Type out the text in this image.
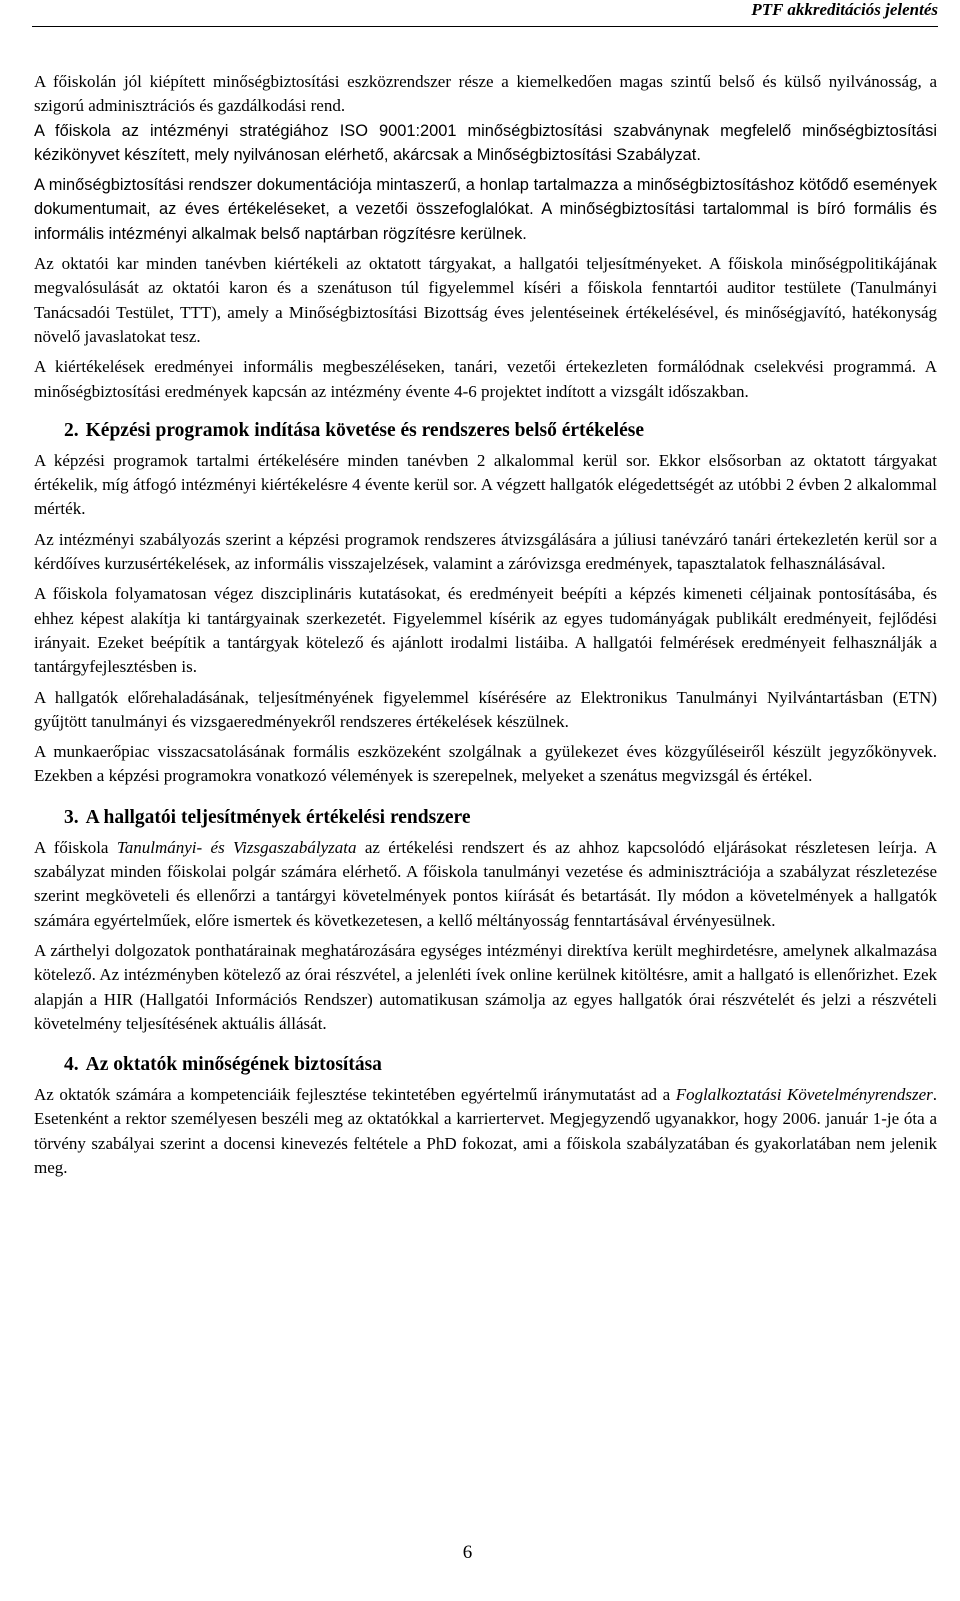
PTF akkreditációs jelentés

A főiskolán jól kiépített minőségbiztosítási eszközrendszer része a kiemelkedően magas szintű belső és külső nyilvánosság, a szigorú adminisztrációs és gazdálkodási rend.

A főiskola az intézményi stratégiához ISO 9001:2001 minőségbiztosítási szabványnak megfelelő minőségbiztosítási kézikönyvet készített, mely nyilvánosan elérhető, akárcsak a Minőségbiztosítási Szabályzat.

A minőségbiztosítási rendszer dokumentációja mintaszerű, a honlap tartalmazza a minőségbiztosításhoz kötődő események dokumentumait, az éves értékeléseket, a vezetői összefoglalókat. A minőségbiztosítási tartalommal is bíró formális és informális intézményi alkalmak belső naptárban rögzítésre kerülnek.

Az oktatói kar minden tanévben kiértékeli az oktatott tárgyakat, a hallgatói teljesítményeket. A főiskola minőségpolitikájának megvalósulását az oktatói karon és a szenátuson túl figyelemmel kíséri a főiskola fenntartói auditor testülete (Tanulmányi Tanácsadói Testület, TTT), amely a Minőségbiztosítási Bizottság éves jelentéseinek értékelésével, és minőségjavító, hatékonyság növelő javaslatokat tesz.

A kiértékelések eredményei informális megbeszéléseken, tanári, vezetői értekezleten formálódnak cselekvési programmá. A minőségbiztosítási eredmények kapcsán az intézmény évente 4-6 projektet indított a vizsgált időszakban.

2. Képzési programok indítása követése és rendszeres belső értékelése

A képzési programok tartalmi értékelésére minden tanévben 2 alkalommal kerül sor. Ekkor elsősorban az oktatott tárgyakat értékelik, míg átfogó intézményi kiértékelésre 4 évente kerül sor. A végzett hallgatók elégedettségét az utóbbi 2 évben 2 alkalommal mérték.

Az intézményi szabályozás szerint a képzési programok rendszeres átvizsgálására a júliusi tanévzáró tanári értekezletén kerül sor a kérdőíves kurzusértékelések, az informális visszajelzések, valamint a záróvizsga eredmények, tapasztalatok felhasználásával.

A főiskola folyamatosan végez diszciplináris kutatásokat, és eredményeit beépíti a képzés kimeneti céljainak pontosításába, és ehhez képest alakítja ki tantárgyainak szerkezetét. Figyelemmel kísérik az egyes tudományágak publikált eredményeit, fejlődési irányait. Ezeket beépítik a tantárgyak kötelező és ajánlott irodalmi listáiba. A hallgatói felmérések eredményeit felhasználják a tantárgyfejlesztésben is.

A hallgatók előrehaladásának, teljesítményének figyelemmel kísérésére az Elektronikus Tanulmányi Nyilvántartásban (ETN) gyűjtött tanulmányi és vizsgaeredményekről rendszeres értékelések készülnek.

A munkaerőpiac visszacsatolásának formális eszközeként szolgálnak a gyülekezet éves közgyűléseiről készült jegyzőkönyvek. Ezekben a képzési programokra vonatkozó vélemények is szerepelnek, melyeket a szenátus megvizsgál és értékel.

3. A hallgatói teljesítmények értékelési rendszere

A főiskola Tanulmányi- és Vizsgaszabályzata az értékelési rendszert és az ahhoz kapcsolódó eljárásokat részletesen leírja. A szabályzat minden főiskolai polgár számára elérhető. A főiskola tanulmányi vezetése és adminisztrációja a szabályzat részletezése szerint megköveteli és ellenőrzi a tantárgyi követelmények pontos kiírását és betartását. Ily módon a követelmények a hallgatók számára egyértelműek, előre ismertek és következetesen, a kellő méltányosság fenntartásával érvényesülnek.

A zárthelyi dolgozatok ponthatárainak meghatározására egységes intézményi direktíva került meghirdetésre, amelynek alkalmazása kötelező. Az intézményben kötelező az órai részvétel, a jelenléti ívek online kerülnek kitöltésre, amit a hallgató is ellenőrizhet. Ezek alapján a HIR (Hallgatói Információs Rendszer) automatikusan számolja az egyes hallgatók órai részvételét és jelzi a részvételi követelmény teljesítésének aktuális állását.

4. Az oktatók minőségének biztosítása

Az oktatók számára a kompetenciáik fejlesztése tekintetében egyértelmű iránymutatást ad a Foglalkoztatási Követelményrendszer. Esetenként a rektor személyesen beszéli meg az oktatókkal a karriertervet. Megjegyzendő ugyanakkor, hogy 2006. január 1-je óta a törvény szabályai szerint a docensi kinevezés feltétele a PhD fokozat, ami a főiskola szabályzatában és gyakorlatában nem jelenik meg.

6
